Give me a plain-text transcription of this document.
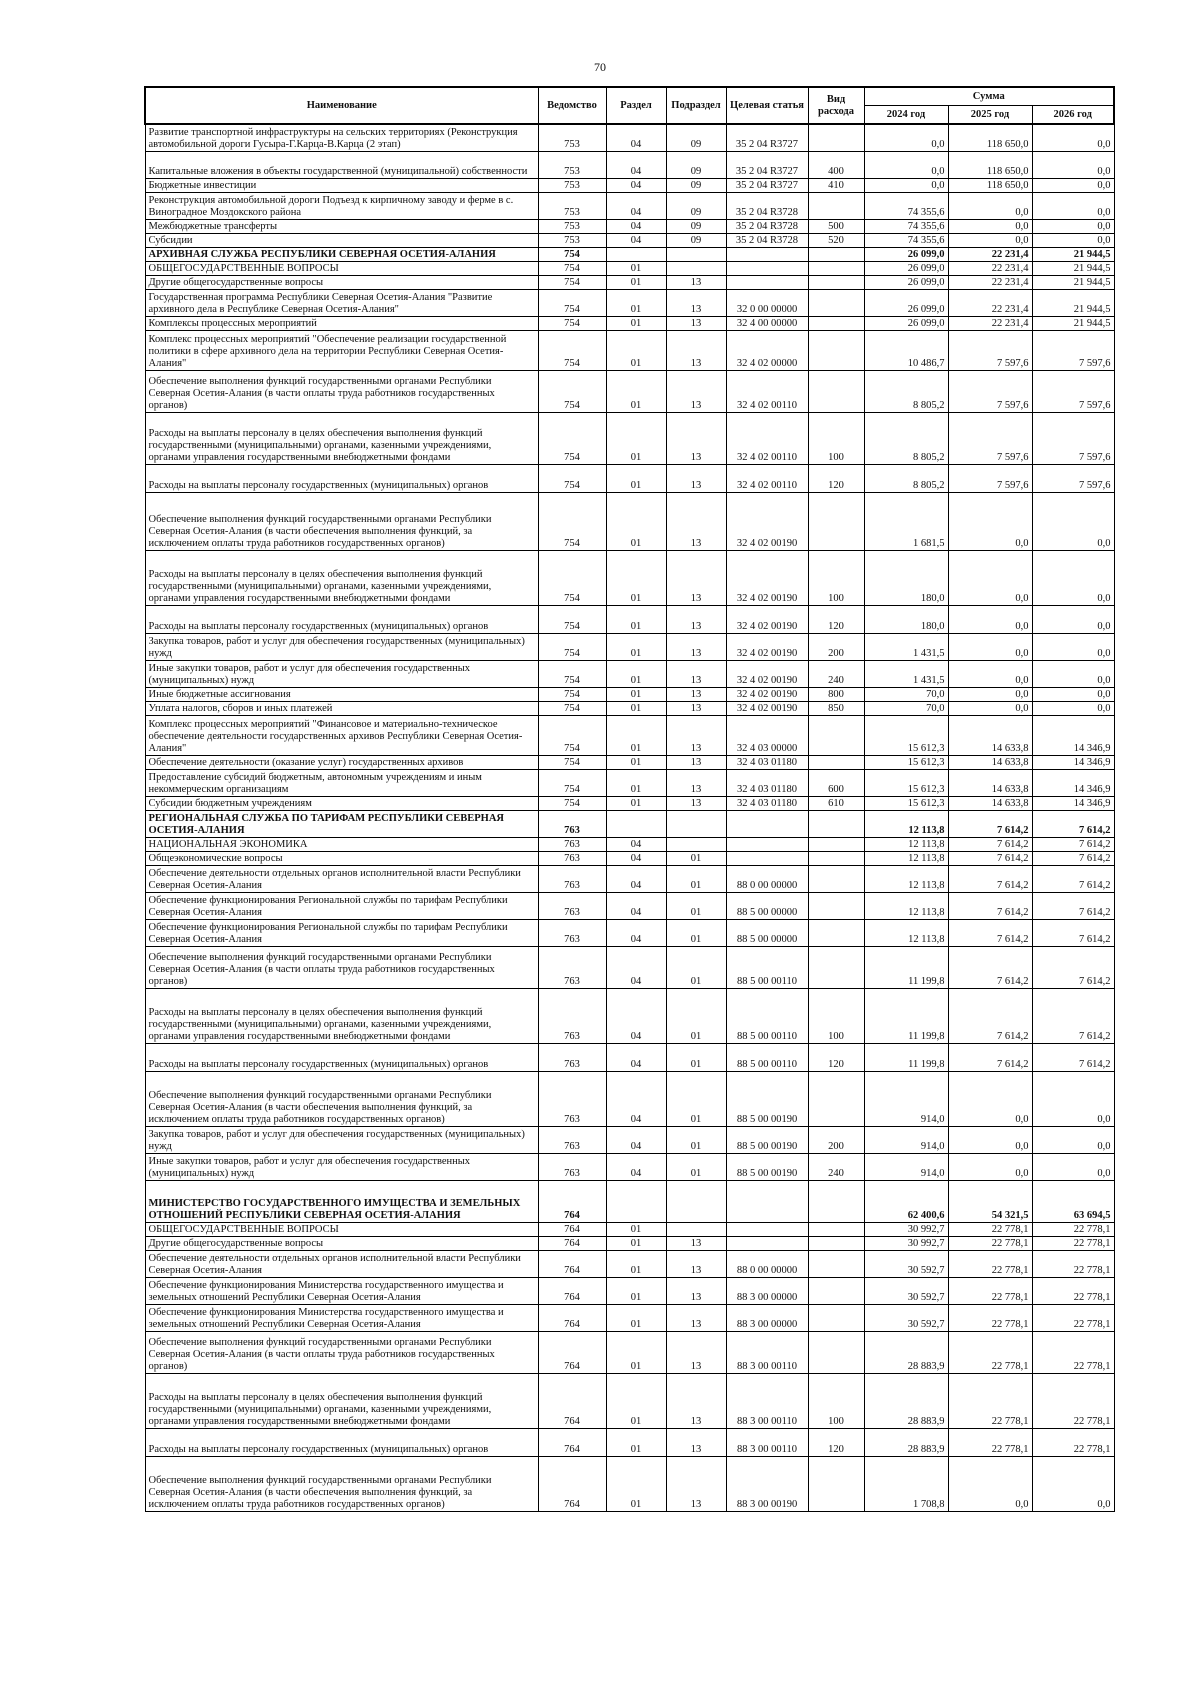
70
Наименование	Ведомство	Раздел	Подраздел	Целевая статья	Вид расхода	Сумма		
						2024 год	2025 год	2026 год
Развитие транспортной инфраструктуры на сельских территориях (Реконструкция автомобильной дороги Гусыра-Г.Карца-В.Карца (2 этап)	753	04	09	35 2 04 R3727		0,0	118 650,0	0,0
Капитальные вложения в объекты государственной (муниципальной) собственности	753	04	09	35 2 04 R3727	400	0,0	118 650,0	0,0
Бюджетные инвестиции	753	04	09	35 2 04 R3727	410	0,0	118 650,0	0,0
Реконструкция автомобильной дороги Подъезд к кирпичному заводу и ферме в с. Виноградное Моздокского района	753	04	09	35 2 04 R3728		74 355,6	0,0	0,0
Межбюджетные трансферты	753	04	09	35 2 04 R3728	500	74 355,6	0,0	0,0
Субсидии	753	04	09	35 2 04 R3728	520	74 355,6	0,0	0,0
АРХИВНАЯ СЛУЖБА РЕСПУБЛИКИ СЕВЕРНАЯ ОСЕТИЯ-АЛАНИЯ	754					26 099,0	22 231,4	21 944,5
ОБЩЕГОСУДАРСТВЕННЫЕ ВОПРОСЫ	754	01				26 099,0	22 231,4	21 944,5
Другие общегосударственные вопросы	754	01	13			26 099,0	22 231,4	21 944,5
Государственная программа Республики Северная Осетия-Алания "Развитие архивного дела в Республике Северная Осетия-Алания"	754	01	13	32 0 00 00000		26 099,0	22 231,4	21 944,5
Комплексы процессных мероприятий	754	01	13	32 4 00 00000		26 099,0	22 231,4	21 944,5
Комплекс процессных мероприятий "Обеспечение реализации государственной политики в сфере архивного дела на территории Республики Северная Осетия-Алания"	754	01	13	32 4 02 00000		10 486,7	7 597,6	7 597,6
Обеспечение выполнения функций государственными органами Республики Северная Осетия-Алания (в части оплаты труда работников государственных органов)	754	01	13	32 4 02 00110		8 805,2	7 597,6	7 597,6
Расходы на выплаты персоналу в целях обеспечения выполнения функций государственными (муниципальными) органами, казенными учреждениями, органами управления государственными внебюджетными фондами	754	01	13	32 4 02 00110	100	8 805,2	7 597,6	7 597,6
Расходы на выплаты персоналу государственных (муниципальных) органов	754	01	13	32 4 02 00110	120	8 805,2	7 597,6	7 597,6
Обеспечение выполнения функций государственными органами Республики Северная Осетия-Алания (в части обеспечения выполнения функций, за исключением оплаты труда работников государственных органов)	754	01	13	32 4 02 00190		1 681,5	0,0	0,0
Расходы на выплаты персоналу в целях обеспечения выполнения функций государственными (муниципальными) органами, казенными учреждениями, органами управления государственными внебюджетными фондами	754	01	13	32 4 02 00190	100	180,0	0,0	0,0
Расходы на выплаты персоналу государственных (муниципальных) органов	754	01	13	32 4 02 00190	120	180,0	0,0	0,0
Закупка товаров, работ и услуг для обеспечения государственных (муниципальных) нужд	754	01	13	32 4 02 00190	200	1 431,5	0,0	0,0
Иные закупки товаров, работ и услуг для обеспечения государственных (муниципальных) нужд	754	01	13	32 4 02 00190	240	1 431,5	0,0	0,0
Иные бюджетные ассигнования	754	01	13	32 4 02 00190	800	70,0	0,0	0,0
Уплата налогов, сборов и иных платежей	754	01	13	32 4 02 00190	850	70,0	0,0	0,0
Комплекс процессных мероприятий "Финансовое и материально-техническое обеспечение деятельности государственных архивов Республики Северная Осетия-Алания"	754	01	13	32 4 03 00000		15 612,3	14 633,8	14 346,9
Обеспечение деятельности (оказание услуг) государственных архивов	754	01	13	32 4 03 01180		15 612,3	14 633,8	14 346,9
Предоставление субсидий бюджетным, автономным учреждениям и иным некоммерческим организациям	754	01	13	32 4 03 01180	600	15 612,3	14 633,8	14 346,9
Субсидии бюджетным учреждениям	754	01	13	32 4 03 01180	610	15 612,3	14 633,8	14 346,9
РЕГИОНАЛЬНАЯ СЛУЖБА ПО ТАРИФАМ РЕСПУБЛИКИ СЕВЕРНАЯ ОСЕТИЯ-АЛАНИЯ	763					12 113,8	7 614,2	7 614,2
НАЦИОНАЛЬНАЯ ЭКОНОМИКА	763	04				12 113,8	7 614,2	7 614,2
Общеэкономические вопросы	763	04	01			12 113,8	7 614,2	7 614,2
Обеспечение деятельности отдельных органов исполнительной власти Республики Северная Осетия-Алания	763	04	01	88 0 00 00000		12 113,8	7 614,2	7 614,2
Обеспечение функционирования Региональной службы по тарифам Республики Северная Осетия-Алания	763	04	01	88 5 00 00000		12 113,8	7 614,2	7 614,2
Обеспечение функционирования Региональной службы по тарифам Республики Северная Осетия-Алания	763	04	01	88 5 00 00000		12 113,8	7 614,2	7 614,2
Обеспечение выполнения функций государственными органами Республики Северная Осетия-Алания (в части оплаты труда работников государственных органов)	763	04	01	88 5 00 00110		11 199,8	7 614,2	7 614,2
Расходы на выплаты персоналу в целях обеспечения выполнения функций государственными (муниципальными) органами, казенными учреждениями, органами управления государственными внебюджетными фондами	763	04	01	88 5 00 00110	100	11 199,8	7 614,2	7 614,2
Расходы на выплаты персоналу государственных (муниципальных) органов	763	04	01	88 5 00 00110	120	11 199,8	7 614,2	7 614,2
Обеспечение выполнения функций государственными органами Республики Северная Осетия-Алания (в части обеспечения выполнения функций, за исключением оплаты труда работников государственных органов)	763	04	01	88 5 00 00190		914,0	0,0	0,0
Закупка товаров, работ и услуг для обеспечения государственных (муниципальных) нужд	763	04	01	88 5 00 00190	200	914,0	0,0	0,0
Иные закупки товаров, работ и услуг для обеспечения государственных (муниципальных) нужд	763	04	01	88 5 00 00190	240	914,0	0,0	0,0
МИНИСТЕРСТВО ГОСУДАРСТВЕННОГО ИМУЩЕСТВА И ЗЕМЕЛЬНЫХ ОТНОШЕНИЙ РЕСПУБЛИКИ СЕВЕРНАЯ ОСЕТИЯ-АЛАНИЯ	764					62 400,6	54 321,5	63 694,5
ОБЩЕГОСУДАРСТВЕННЫЕ ВОПРОСЫ	764	01				30 992,7	22 778,1	22 778,1
Другие общегосударственные вопросы	764	01	13			30 992,7	22 778,1	22 778,1
Обеспечение деятельности отдельных органов исполнительной власти Республики Северная Осетия-Алания	764	01	13	88 0 00 00000		30 592,7	22 778,1	22 778,1
Обеспечение функционирования Министерства государственного имущества и земельных отношений Республики Северная Осетия-Алания	764	01	13	88 3 00 00000		30 592,7	22 778,1	22 778,1
Обеспечение функционирования Министерства государственного имущества и земельных отношений Республики Северная Осетия-Алания	764	01	13	88 3 00 00000		30 592,7	22 778,1	22 778,1
Обеспечение выполнения функций государственными органами Республики Северная Осетия-Алания (в части оплаты труда работников государственных органов)	764	01	13	88 3 00 00110		28 883,9	22 778,1	22 778,1
Расходы на выплаты персоналу в целях обеспечения выполнения функций государственными (муниципальными) органами, казенными учреждениями, органами управления государственными внебюджетными фондами	764	01	13	88 3 00 00110	100	28 883,9	22 778,1	22 778,1
Расходы на выплаты персоналу государственных (муниципальных) органов	764	01	13	88 3 00 00110	120	28 883,9	22 778,1	22 778,1
Обеспечение выполнения функций государственными органами Республики Северная Осетия-Алания (в части обеспечения выполнения функций, за исключением оплаты труда работников государственных органов)	764	01	13	88 3 00 00190		1 708,8	0,0	0,0
